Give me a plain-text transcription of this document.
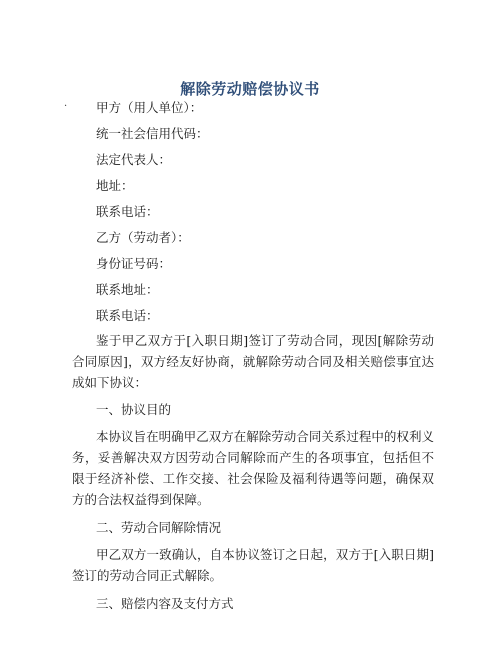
解除劳动赔偿协议书
· 甲方（用人单位）：
统一社会信用代码：
法定代表人：
地址：
联系电话：
乙方（劳动者）：
身份证号码：
联系地址：
联系电话：
鉴于甲乙双方于[入职日期]签订了劳动合同，现因[解除劳动合同原因]，双方经友好协商，就解除劳动合同及相关赔偿事宜达成如下协议：
一、协议目的
本协议旨在明确甲乙双方在解除劳动合同关系过程中的权利义务，妥善解决双方因劳动合同解除而产生的各项事宜，包括但不限于经济补偿、工作交接、社会保险及福利待遇等问题，确保双方的合法权益得到保障。
二、劳动合同解除情况
甲乙双方一致确认，自本协议签订之日起，双方于[入职日期]签订的劳动合同正式解除。
三、赔偿内容及支付方式
